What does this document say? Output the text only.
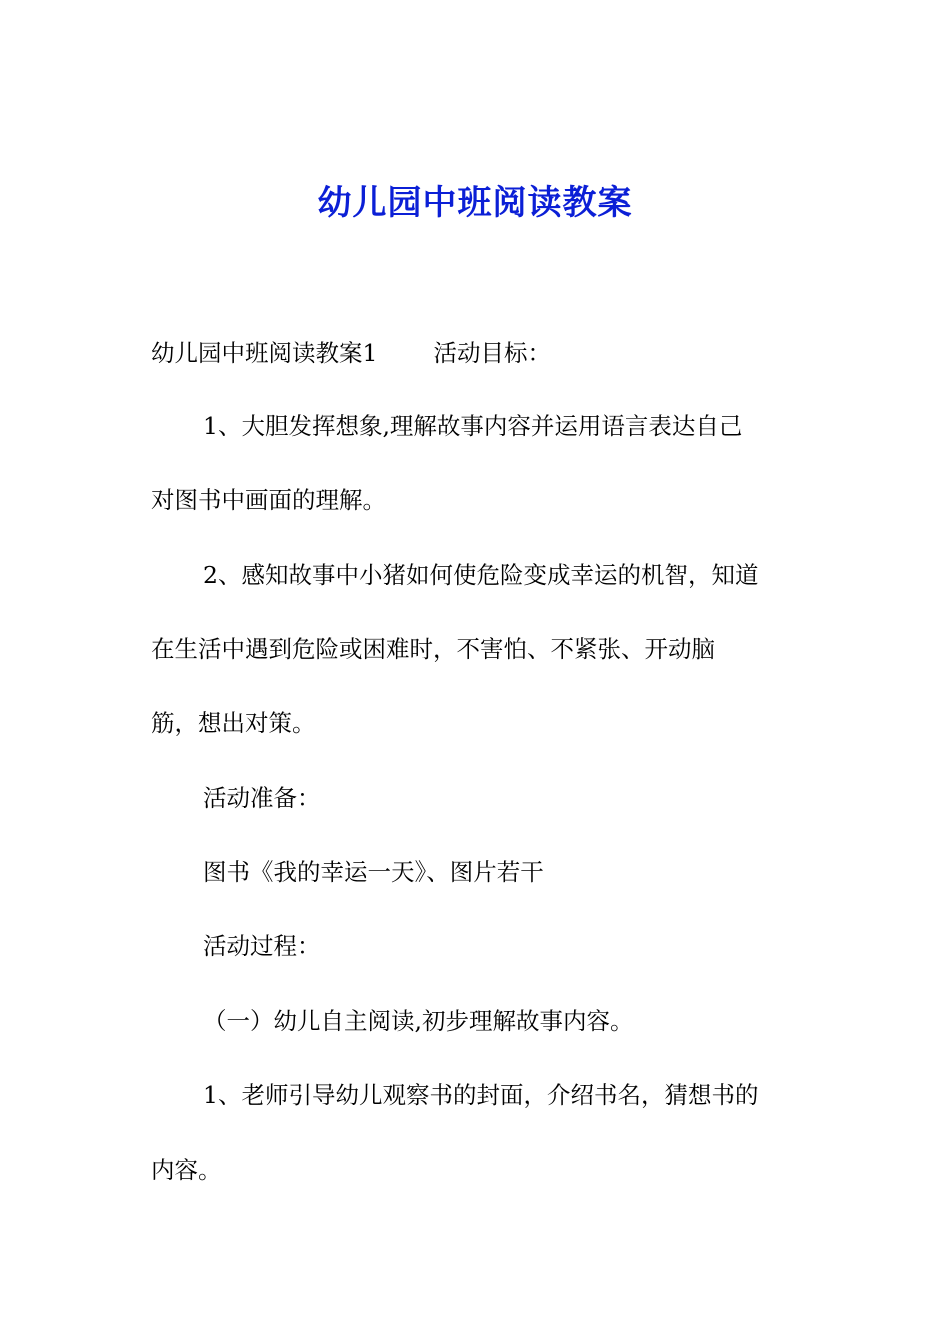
幼儿园中班阅读教案

幼儿园中班阅读教案1 活动目标：

1、大胆发挥想象,理解故事内容并运用语言表达自己

对图书中画面的理解。

2、感知故事中小猪如何使危险变成幸运的机智，知道

在生活中遇到危险或困难时，不害怕、不紧张、开动脑

筋，想出对策。

活动准备：

图书《我的幸运一天》、图片若干

活动过程：

（一）幼儿自主阅读,初步理解故事内容。

1、老师引导幼儿观察书的封面，介绍书名，猜想书的

内容。
